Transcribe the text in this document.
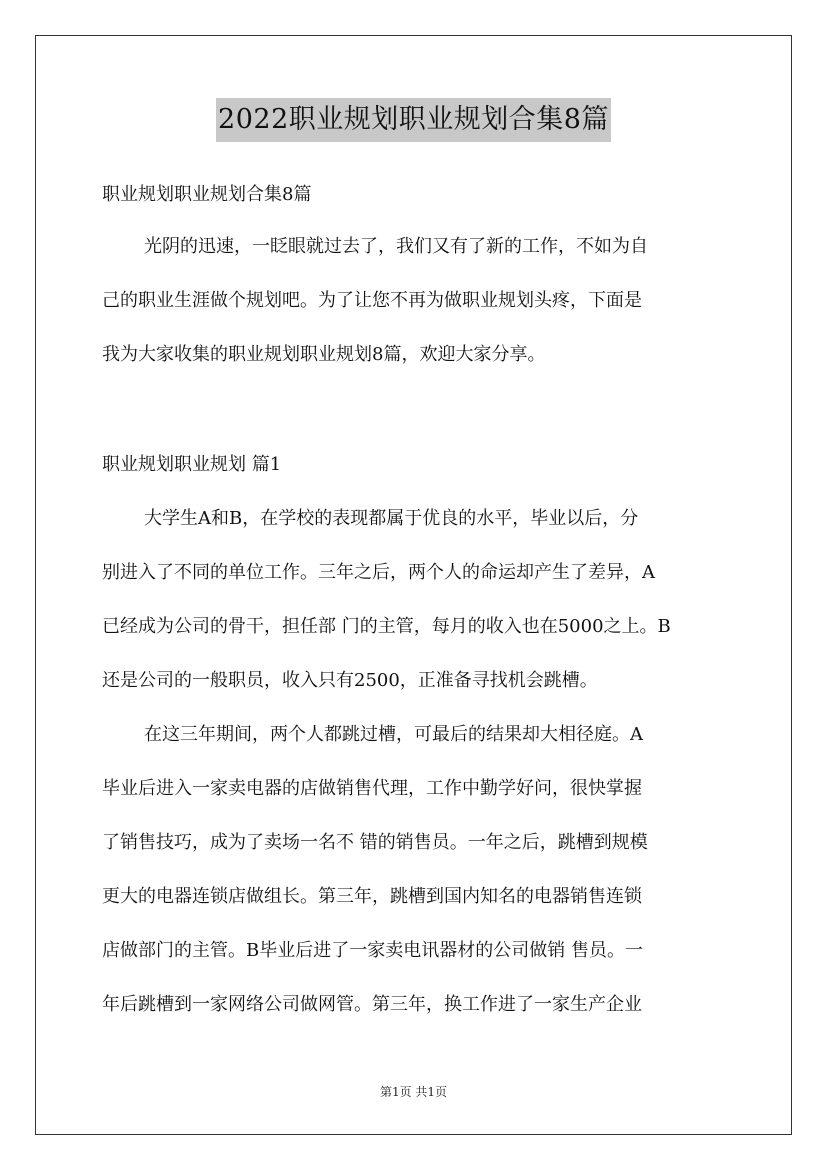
2022职业规划职业规划合集8篇
职业规划职业规划合集8篇
光阴的迅速，一眨眼就过去了，我们又有了新的工作，不如为自
己的职业生涯做个规划吧。为了让您不再为做职业规划头疼，下面是
我为大家收集的职业规划职业规划8篇，欢迎大家分享。
职业规划职业规划 篇1
大学生A和B，在学校的表现都属于优良的水平，毕业以后，分
别进入了不同的单位工作。三年之后，两个人的命运却产生了差异，A
已经成为公司的骨干，担任部 门的主管，每月的收入也在5000之上。B
还是公司的一般职员，收入只有2500，正准备寻找机会跳槽。
在这三年期间，两个人都跳过槽，可最后的结果却大相径庭。A
毕业后进入一家卖电器的店做销售代理，工作中勤学好问，很快掌握
了销售技巧，成为了卖场一名不 错的销售员。一年之后，跳槽到规模
更大的电器连锁店做组长。第三年，跳槽到国内知名的电器销售连锁
店做部门的主管。B毕业后进了一家卖电讯器材的公司做销 售员。一
年后跳槽到一家网络公司做网管。第三年，换工作进了一家生产企业
第1页 共1页
